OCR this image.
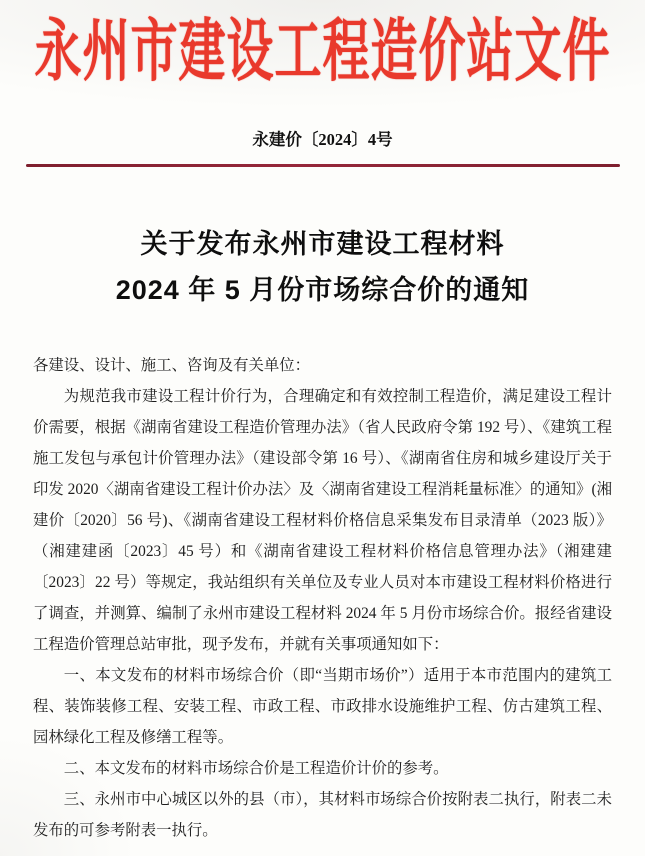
永州市建设工程造价站文件
永建价〔2024〕4号
关于发布永州市建设工程材料
2024 年 5 月份市场综合价的通知

各建设、设计、施工、咨询及有关单位：

为规范我市建设工程计价行为，合理确定和有效控制工程造价，满足建设工程计价需要，根据《湖南省建设工程造价管理办法》（省人民政府令第 192 号）、《建筑工程施工发包与承包计价管理办法》（建设部令第 16 号）、《湖南省住房和城乡建设厅关于印发 2020〈湖南省建设工程计价办法〉及〈湖南省建设工程消耗量标准〉的通知》(湘建价〔2020〕56 号)、《湖南省建设工程材料价格信息采集发布目录清单（2023 版）》（湘建建函〔2023〕45 号）和《湖南省建设工程材料价格信息管理办法》（湘建建〔2023〕22 号）等规定，我站组织有关单位及专业人员对本市建设工程材料价格进行了调查，并测算、编制了永州市建设工程材料 2024 年 5 月份市场综合价。报经省建设工程造价管理总站审批，现予发布，并就有关事项通知如下：

一、本文发布的材料市场综合价（即“当期市场价”）适用于本市范围内的建筑工程、装饰装修工程、安装工程、市政工程、市政排水设施维护工程、仿古建筑工程、园林绿化工程及修缮工程等。

二、本文发布的材料市场综合价是工程造价计价的参考。

三、永州市中心城区以外的县（市），其材料市场综合价按附表二执行，附表二未发布的可参考附表一执行。
